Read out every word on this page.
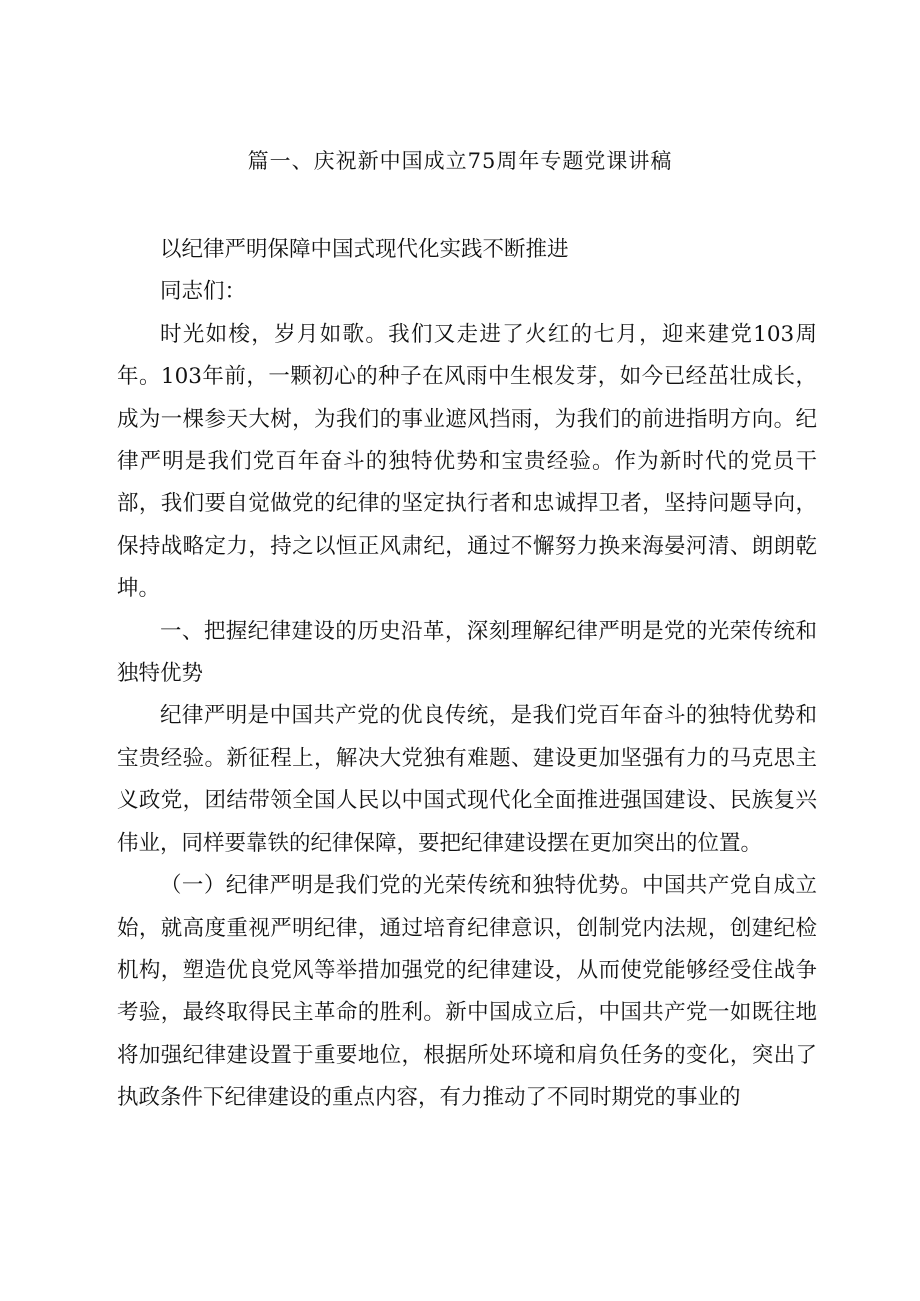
篇一、庆祝新中国成立75周年专题党课讲稿

以纪律严明保障中国式现代化实践不断推进

同志们：

时光如梭，岁月如歌。我们又走进了火红的七月，迎来建党103周年。103年前，一颗初心的种子在风雨中生根发芽，如今已经茁壮成长，成为一棵参天大树，为我们的事业遮风挡雨，为我们的前进指明方向。纪律严明是我们党百年奋斗的独特优势和宝贵经验。作为新时代的党员干部，我们要自觉做党的纪律的坚定执行者和忠诚捍卫者，坚持问题导向，保持战略定力，持之以恒正风肃纪，通过不懈努力换来海晏河清、朗朗乾坤。

一、把握纪律建设的历史沿革，深刻理解纪律严明是党的光荣传统和独特优势

纪律严明是中国共产党的优良传统，是我们党百年奋斗的独特优势和宝贵经验。新征程上，解决大党独有难题、建设更加坚强有力的马克思主义政党，团结带领全国人民以中国式现代化全面推进强国建设、民族复兴伟业，同样要靠铁的纪律保障，要把纪律建设摆在更加突出的位置。

（一）纪律严明是我们党的光荣传统和独特优势。中国共产党自成立始，就高度重视严明纪律，通过培育纪律意识，创制党内法规，创建纪检机构，塑造优良党风等举措加强党的纪律建设，从而使党能够经受住战争考验，最终取得民主革命的胜利。新中国成立后，中国共产党一如既往地将加强纪律建设置于重要地位，根据所处环境和肩负任务的变化，突出了执政条件下纪律建设的重点内容，有力推动了不同时期党的事业的
